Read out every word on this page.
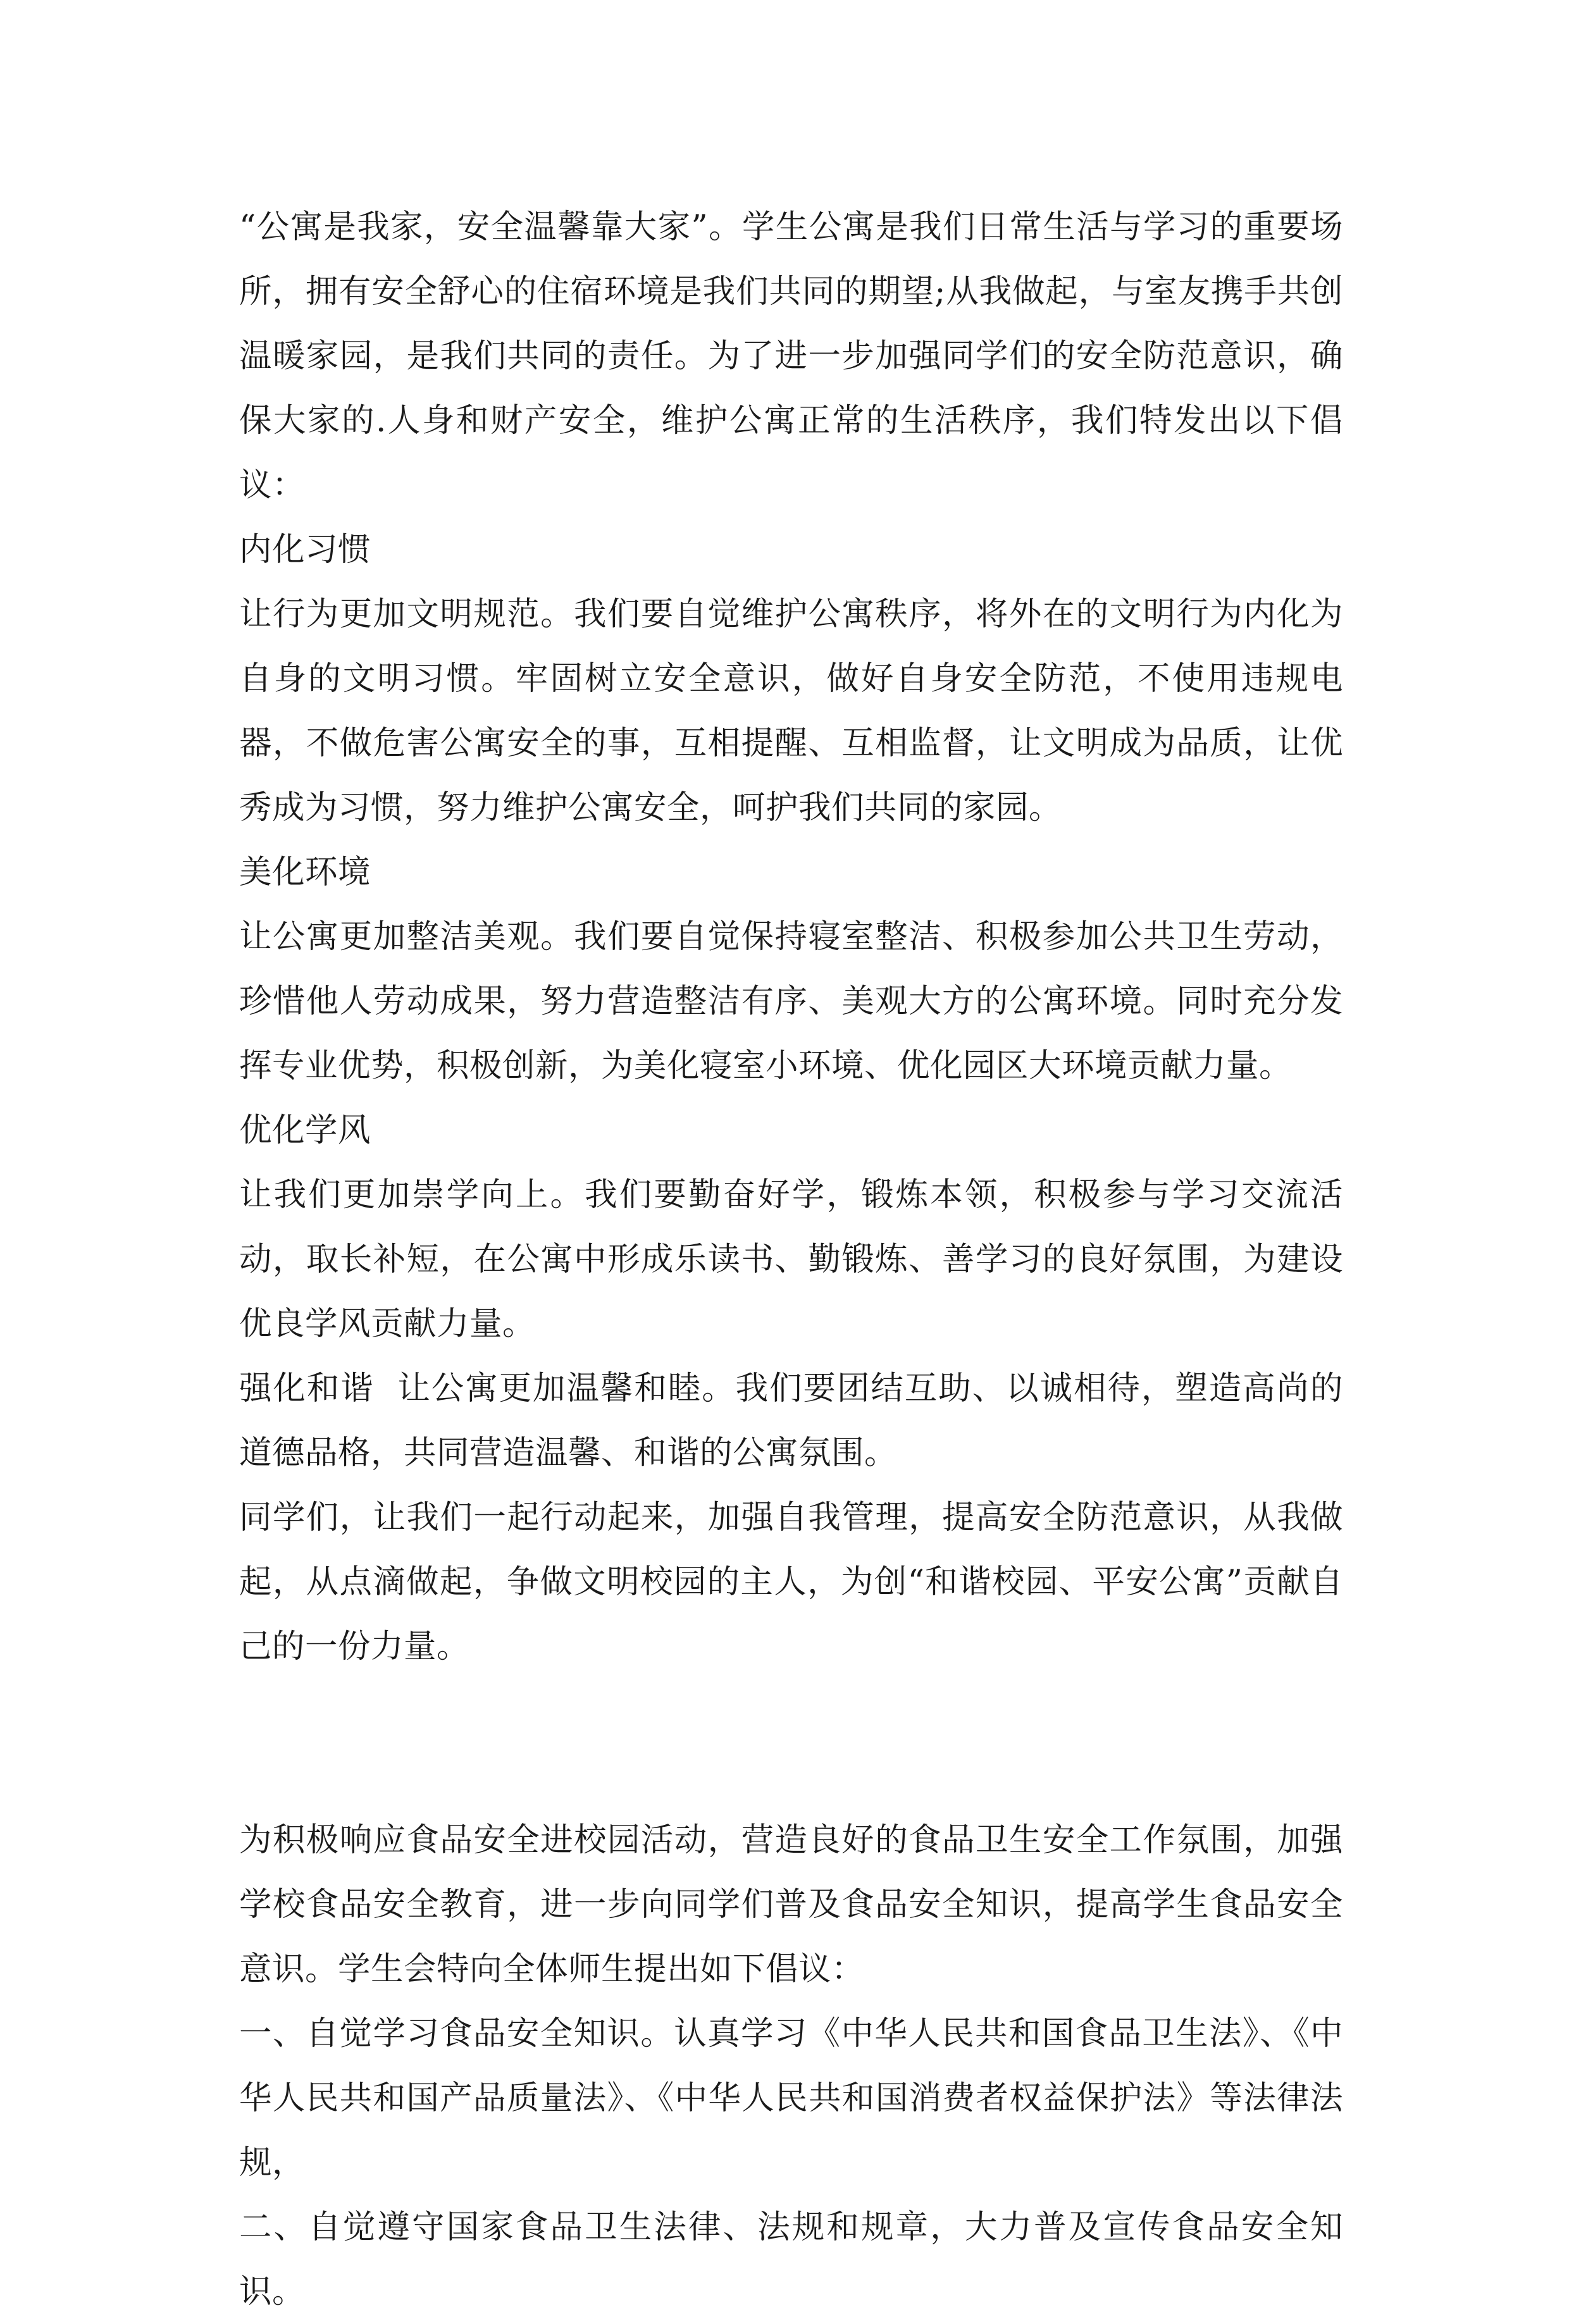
“公寓是我家，安全温馨靠大家”。学生公寓是我们日常生活与学习的重要场所，拥有安全舒心的住宿环境是我们共同的期望;从我做起，与室友携手共创温暖家园，是我们共同的责任。为了进一步加强同学们的安全防范意识，确保大家的.人身和财产安全，维护公寓正常的生活秩序，我们特发出以下倡议：

内化习惯

让行为更加文明规范。我们要自觉维护公寓秩序，将外在的文明行为内化为自身的文明习惯。牢固树立安全意识，做好自身安全防范，不使用违规电器，不做危害公寓安全的事，互相提醒、互相监督，让文明成为品质，让优秀成为习惯，努力维护公寓安全，呵护我们共同的家园。

美化环境

让公寓更加整洁美观。我们要自觉保持寝室整洁、积极参加公共卫生劳动，珍惜他人劳动成果，努力营造整洁有序、美观大方的公寓环境。同时充分发挥专业优势，积极创新，为美化寝室小环境、优化园区大环境贡献力量。

优化学风

让我们更加崇学向上。我们要勤奋好学，锻炼本领，积极参与学习交流活动，取长补短，在公寓中形成乐读书、勤锻炼、善学习的良好氛围，为建设优良学风贡献力量。

强化和谐  让公寓更加温馨和睦。我们要团结互助、以诚相待，塑造高尚的道德品格，共同营造温馨、和谐的公寓氛围。

同学们，让我们一起行动起来，加强自我管理，提高安全防范意识，从我做起，从点滴做起，争做文明校园的主人，为创“和谐校园、平安公寓”贡献自己的一份力量。

为积极响应食品安全进校园活动，营造良好的食品卫生安全工作氛围，加强学校食品安全教育，进一步向同学们普及食品安全知识，提高学生食品安全意识。学生会特向全体师生提出如下倡议：

一、自觉学习食品安全知识。认真学习《中华人民共和国食品卫生法》、《中华人民共和国产品质量法》、《中华人民共和国消费者权益保护法》等法律法规，

二、自觉遵守国家食品卫生法律、法规和规章，大力普及宣传食品安全知识。
